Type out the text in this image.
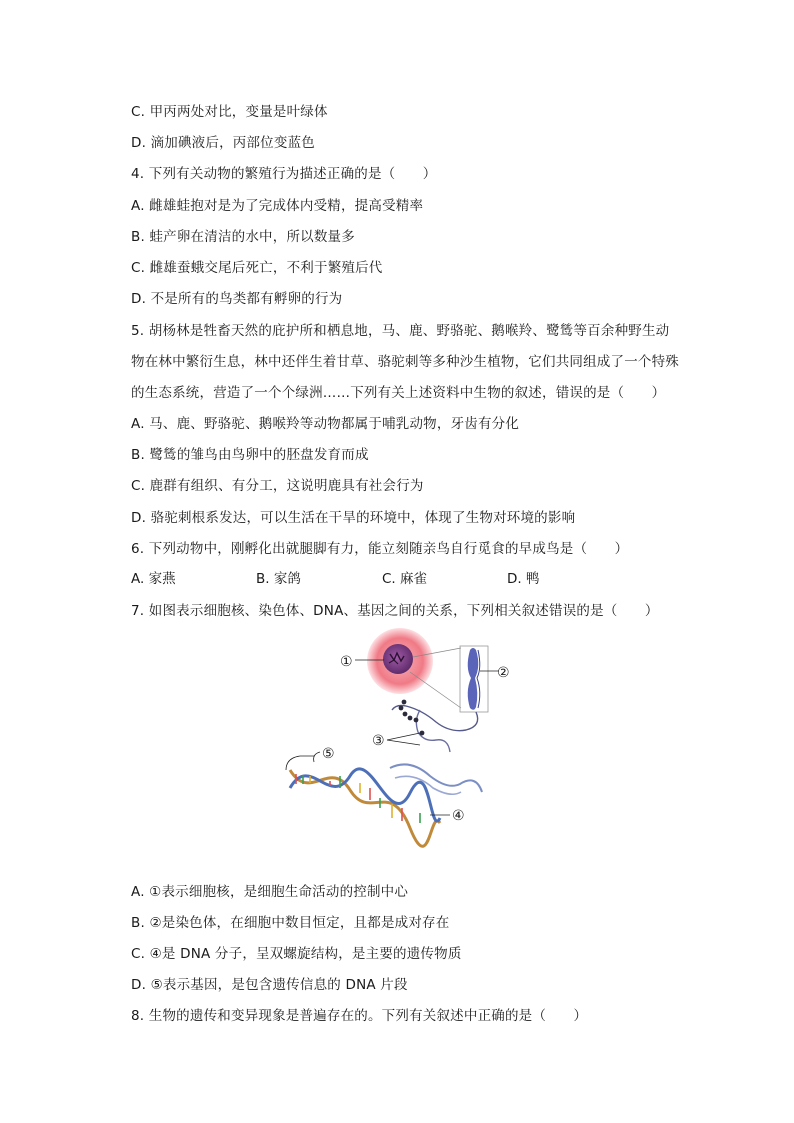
C. 甲丙两处对比，变量是叶绿体
D. 滴加碘液后，丙部位变蓝色
4. 下列有关动物的繁殖行为描述正确的是（　　）
A. 雌雄蛙抱对是为了完成体内受精，提高受精率
B. 蛙产卵在清洁的水中，所以数量多
C. 雌雄蚕蛾交尾后死亡，不利于繁殖后代
D. 不是所有的鸟类都有孵卵的行为
5. 胡杨林是牲畜天然的庇护所和栖息地，马、鹿、野骆驼、鹅喉羚、鹭鸶等百余种野生动
物在林中繁衍生息，林中还伴生着甘草、骆驼刺等多种沙生植物，它们共同组成了一个特殊
的生态系统，营造了一个个绿洲……下列有关上述资料中生物的叙述，错误的是（　　）
A. 马、鹿、野骆驼、鹅喉羚等动物都属于哺乳动物，牙齿有分化
B. 鹭鸶的雏鸟由鸟卵中的胚盘发育而成
C. 鹿群有组织、有分工，这说明鹿具有社会行为
D. 骆驼刺根系发达，可以生活在干旱的环境中，体现了生物对环境的影响
6. 下列动物中，刚孵化出就腿脚有力，能立刻随亲鸟自行觅食的早成鸟是（　　）
A. 家燕	B. 家鸽	C. 麻雀	D. 鸭
7. 如图表示细胞核、染色体、DNA、基因之间的关系，下列相关叙述错误的是（　　）
①
②
③
④
⑤
A. ①表示细胞核，是细胞生命活动的控制中心
B. ②是染色体，在细胞中数目恒定，且都是成对存在
C. ④是 DNA 分子，呈双螺旋结构，是主要的遗传物质
D. ⑤表示基因，是包含遗传信息的 DNA 片段
8. 生物的遗传和变异现象是普遍存在的。下列有关叙述中正确的是（　　）
